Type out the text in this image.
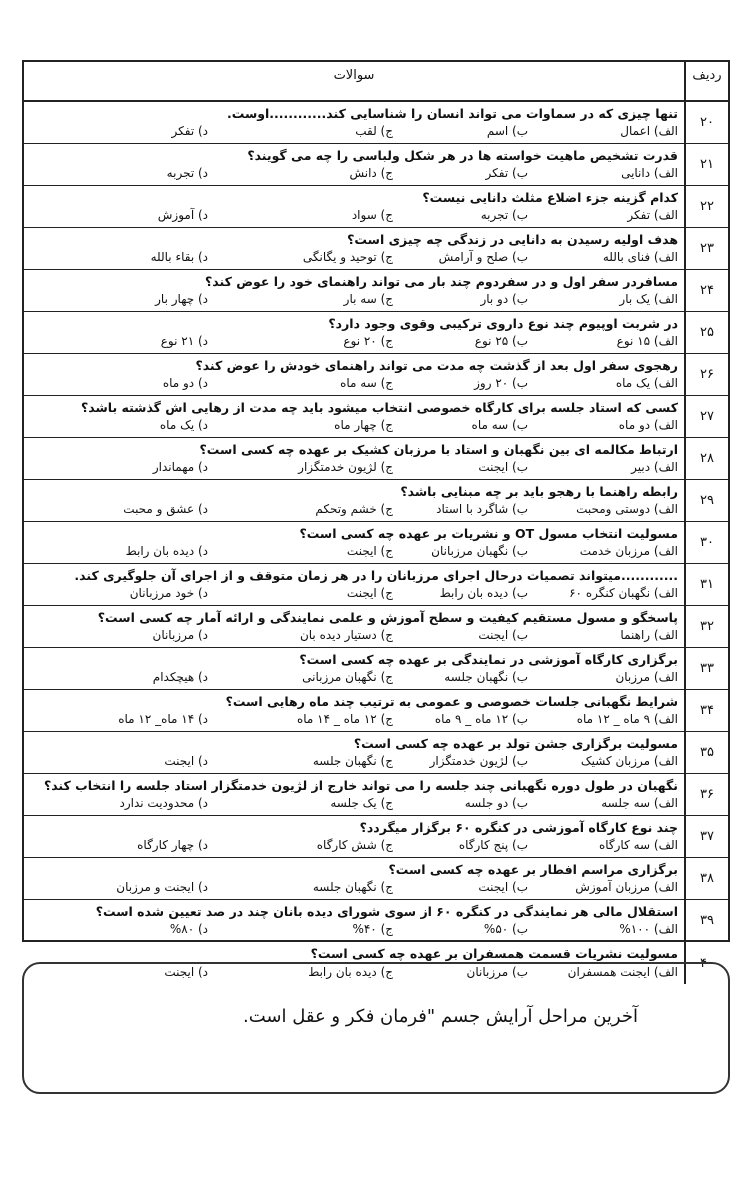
سوالات	ردیف
۲۰
تنها چیزی که در سماوات می تواند انسان را شناسایی کند............اوست.
الف) اعمال
ب) اسم
ج) لقب
د) تفکر
۲۱
قدرت تشخیص ماهیت خواسته ها در هر شکل ولباسی را چه می گویند؟
الف) دانایی
ب) تفکر
ج) دانش
د) تجربه
۲۲
کدام گزینه جزء اضلاع مثلث دانایی نیست؟
الف) تفکر
ب) تجربه
ج) سواد
د) آموزش
۲۳
هدف اولیه رسیدن به دانایی در زندگی چه چیزی است؟
الف) فنای بالله
ب) صلح و آرامش
ج) توحید و یگانگی
د) بقاء بالله
۲۴
مسافردر سفر اول و در سفردوم چند بار می تواند راهنمای خود را عوض کند؟
الف) یک بار
ب) دو بار
ج) سه بار
د) چهار بار
۲۵
در شربت اوپیوم چند نوع داروی ترکیبی وقوی وجود دارد؟
الف) ۱۵ نوع
ب) ۲۵ نوع
ج) ۲۰ نوع
د) ۲۱ نوع
۲۶
رهجوی سفر اول بعد از گذشت چه مدت می تواند راهنمای خودش را عوض کند؟
الف) یک ماه
ب) ۲۰ روز
ج) سه ماه
د) دو ماه
۲۷
کسی که استاد جلسه برای کارگاه خصوصی انتخاب میشود باید چه مدت از رهایی اش گذشته باشد؟
الف) دو ماه
ب) سه ماه
ج) چهار ماه
د) یک ماه
۲۸
ارتباط مکالمه ای بین نگهبان و استاد با مرزبان کشیک بر عهده چه کسی است؟
الف) دبیر
ب) ایجنت
ج) لژیون خدمتگزار
د) مهماندار
۲۹
رابطه راهنما با رهجو باید بر چه مبنایی باشد؟
الف) دوستی ومحبت
ب) شاگرد با استاد
ج) خشم وتحکم
د) عشق و محبت
۳۰
مسولیت انتخاب مسول OT و نشریات بر عهده چه کسی است؟
الف) مرزبان خدمت
ب) نگهبان مرزبانان
ج) ایجنت
د) دیده بان رابط
۳۱
............میتواند تصمیات درحال اجرای مرزبانان را در هر زمان متوقف و از اجرای آن جلوگیری کند.
الف) نگهبان کنگره ۶۰
ب) دیده بان رابط
ج) ایجنت
د) خود مرزبانان
۳۲
پاسخگو و مسول مستقیم کیفیت و سطح آموزش و علمی نمایندگی و ارائه آمار چه کسی است؟
الف) راهنما
ب) ایجنت
ج) دستیار دیده بان
د) مرزبانان
۳۳
برگزاری کارگاه آموزشی در نمایندگی بر عهده چه کسی است؟
الف) مرزبان
ب) نگهبان جلسه
ج) نگهبان مرزبانی
د) هیچکدام
۳۴
شرایط نگهبانی جلسات خصوصی و عمومی به ترتیب چند ماه رهایی است؟
الف) ۹ ماه _ ۱۲ ماه
ب) ۱۲ ماه _ ۹ ماه
ج) ۱۲ ماه _ ۱۴ ماه
د) ۱۴ ماه_ ۱۲ ماه
۳۵
مسولیت برگزاری جشن تولد بر عهده چه کسی است؟
الف) مرزبان کشیک
ب) لژیون خدمتگزار
ج) نگهبان جلسه
د) ایجنت
۳۶
نگهبان در طول دوره نگهبانی چند جلسه را می تواند خارج از لژیون خدمتگزار استاد جلسه را انتخاب کند؟
الف) سه جلسه
ب) دو جلسه
ج) یک جلسه
د) محدودیت ندارد
۳۷
چند نوع کارگاه آموزشی در کنگره ۶۰ برگزار میگردد؟
الف) سه کارگاه
ب) پنج کارگاه
ج) شش کارگاه
د) چهار کارگاه
۳۸
برگزاری مراسم افطار بر عهده چه کسی است؟
الف) مرزبان آموزش
ب) ایجنت
ج) نگهبان جلسه
د) ایجنت و مرزبان
۳۹
استقلال مالی هر نمایندگی در کنگره ۶۰ از سوی شورای دیده بانان چند در صد تعیین شده است؟
الف) ۱۰۰%
ب) ۵۰%
ج) ۴۰%
د) ۸۰%
۴۰
مسولیت نشریات قسمت همسفران بر عهده چه کسی است؟
الف) ایجنت همسفران
ب) مرزبانان
ج) دیده بان رابط
د) ایجنت
آخرین مراحل آرایش جسم "فرمان فکر و عقل است.
